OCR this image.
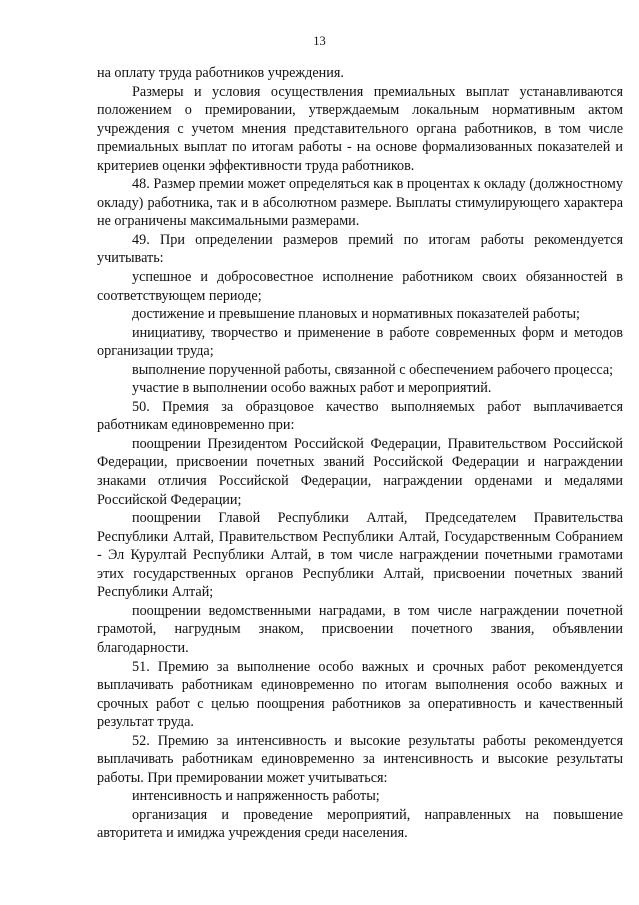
13

на оплату труда работников учреждения.

Размеры и условия осуществления премиальных выплат устанавливаются положением о премировании, утверждаемым локальным нормативным актом учреждения с учетом мнения представительного органа работников, в том числе премиальных выплат по итогам работы - на основе формализованных показателей и критериев оценки эффективности труда работников.

48. Размер премии может определяться как в процентах к окладу (должностному окладу) работника, так и в абсолютном размере. Выплаты стимулирующего характера не ограничены максимальными размерами.

49. При определении размеров премий по итогам работы рекомендуется учитывать:

успешное и добросовестное исполнение работником своих обязанностей в соответствующем периоде;

достижение и превышение плановых и нормативных показателей работы;

инициативу, творчество и применение в работе современных форм и методов организации труда;

выполнение порученной работы, связанной с обеспечением рабочего процесса;

участие в выполнении особо важных работ и мероприятий.

50. Премия за образцовое качество выполняемых работ выплачивается работникам единовременно при:

поощрении Президентом Российской Федерации, Правительством Российской Федерации, присвоении почетных званий Российской Федерации и награждении знаками отличия Российской Федерации, награждении орденами и медалями Российской Федерации;

поощрении Главой Республики Алтай, Председателем Правительства Республики Алтай, Правительством Республики Алтай, Государственным Собранием - Эл Курултай Республики Алтай, в том числе награждении почетными грамотами этих государственных органов Республики Алтай, присвоении почетных званий Республики Алтай;

поощрении ведомственными наградами, в том числе награждении почетной грамотой, нагрудным знаком, присвоении почетного звания, объявлении благодарности.

51. Премию за выполнение особо важных и срочных работ рекомендуется выплачивать работникам единовременно по итогам выполнения особо важных и срочных работ с целью поощрения работников за оперативность и качественный результат труда.

52. Премию за интенсивность и высокие результаты работы рекомендуется выплачивать работникам единовременно за интенсивность и высокие результаты работы. При премировании может учитываться:

интенсивность и напряженность работы;

организация и проведение мероприятий, направленных на повышение авторитета и имиджа учреждения среди населения.
